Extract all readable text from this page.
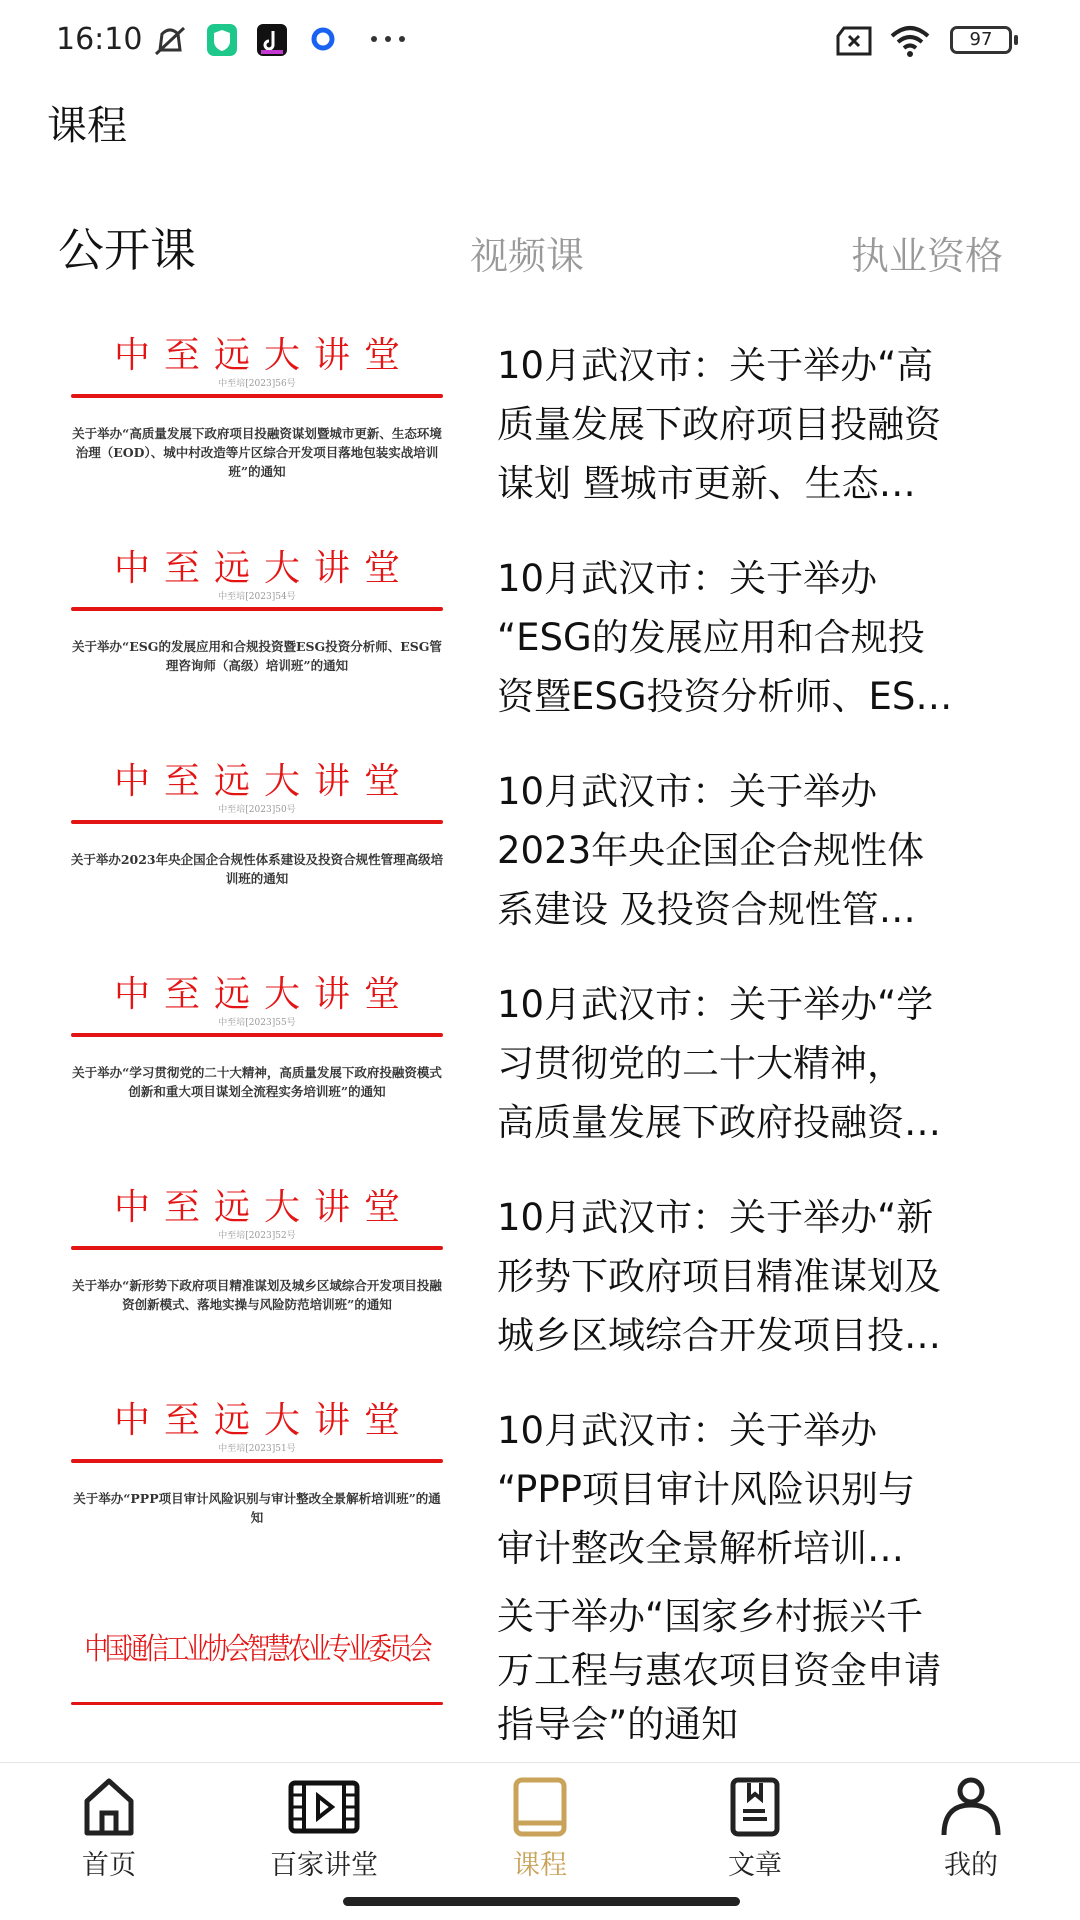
16:10	97
课程
公开课	视频课	执业资格
中至远大讲堂
中至培[2023]56号
关于举办“高质量发展下政府项目投融资谋划暨城市更新、生态环境治理（EOD）、城中村改造等片区综合开发项目落地包装实战培训班”的通知
10月武汉市：关于举办“高
质量发展下政府项目投融资
谋划 暨城市更新、生态…
中至远大讲堂
中至培[2023]54号
关于举办“ESG的发展应用和合规投资暨ESG投资分析师、ESG管理咨询师（高级）培训班”的通知
10月武汉市：关于举办
“ESG的发展应用和合规投
资暨ESG投资分析师、ES…
中至远大讲堂
中至培[2023]50号
关于举办2023年央企国企合规性体系建设及投资合规性管理高级培训班的通知
10月武汉市：关于举办
2023年央企国企合规性体
系建设 及投资合规性管…
中至远大讲堂
中至培[2023]55号
关于举办“学习贯彻党的二十大精神，高质量发展下政府投融资模式创新和重大项目谋划全流程实务培训班”的通知
10月武汉市：关于举办“学
习贯彻党的二十大精神，
高质量发展下政府投融资…
中至远大讲堂
中至培[2023]52号
关于举办“新形势下政府项目精准谋划及城乡区域综合开发项目投融资创新模式、落地实操与风险防范培训班”的通知
10月武汉市：关于举办“新
形势下政府项目精准谋划及
城乡区域综合开发项目投…
中至远大讲堂
中至培[2023]51号
关于举办“PPP项目审计风险识别与审计整改全景解析培训班”的通知
10月武汉市：关于举办
“PPP项目审计风险识别与
审计整改全景解析培训…
中国通信工业协会智慧农业专业委员会
关于举办“国家乡村振兴千
万工程与惠农项目资金申请
指导会”的通知
首页	百家讲堂	课程	文章	我的
